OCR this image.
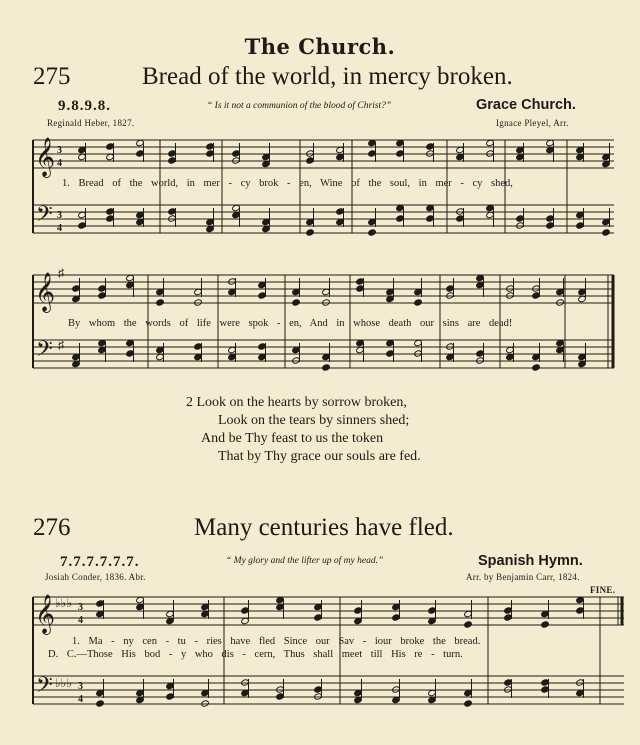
The Church.
275	Bread of the world, in mercy broken.
9.8.9.8.	“ Is it not a communion of the blood of Christ?”	Grace Church.
Reginald Heber, 1827.	Ignace Pleyel, Arr.
𝄞
𝄢
3
4
3
4
1. Bread of the world, in mer - cy brok - en, Wine of the soul, in mer - cy shed,
𝄞
𝄢
♯
♯
By whom the words of life were spok - en, And in whose death our sins are dead!
2 Look on the hearts by sorrow broken,
Look on the tears by sinners shed;
And be Thy feast to us the token
That by Thy grace our souls are fed.
276	Many centuries have fled.
7.7.7.7.7.7.	“ My glory and the lifter up of my head.”	Spanish Hymn.
Josiah Conder, 1836. Abr.	Arr. by Benjamin Carr, 1824.
FINE.
𝄞
𝄢
♭♭♭
♭♭♭
3
4
3
4
1. Ma - ny cen - tu - ries have fled Since our Sav - iour broke the bread.
D. C.—Those His bod - y who dis - cern, Thus shall meet till His re - turn.
